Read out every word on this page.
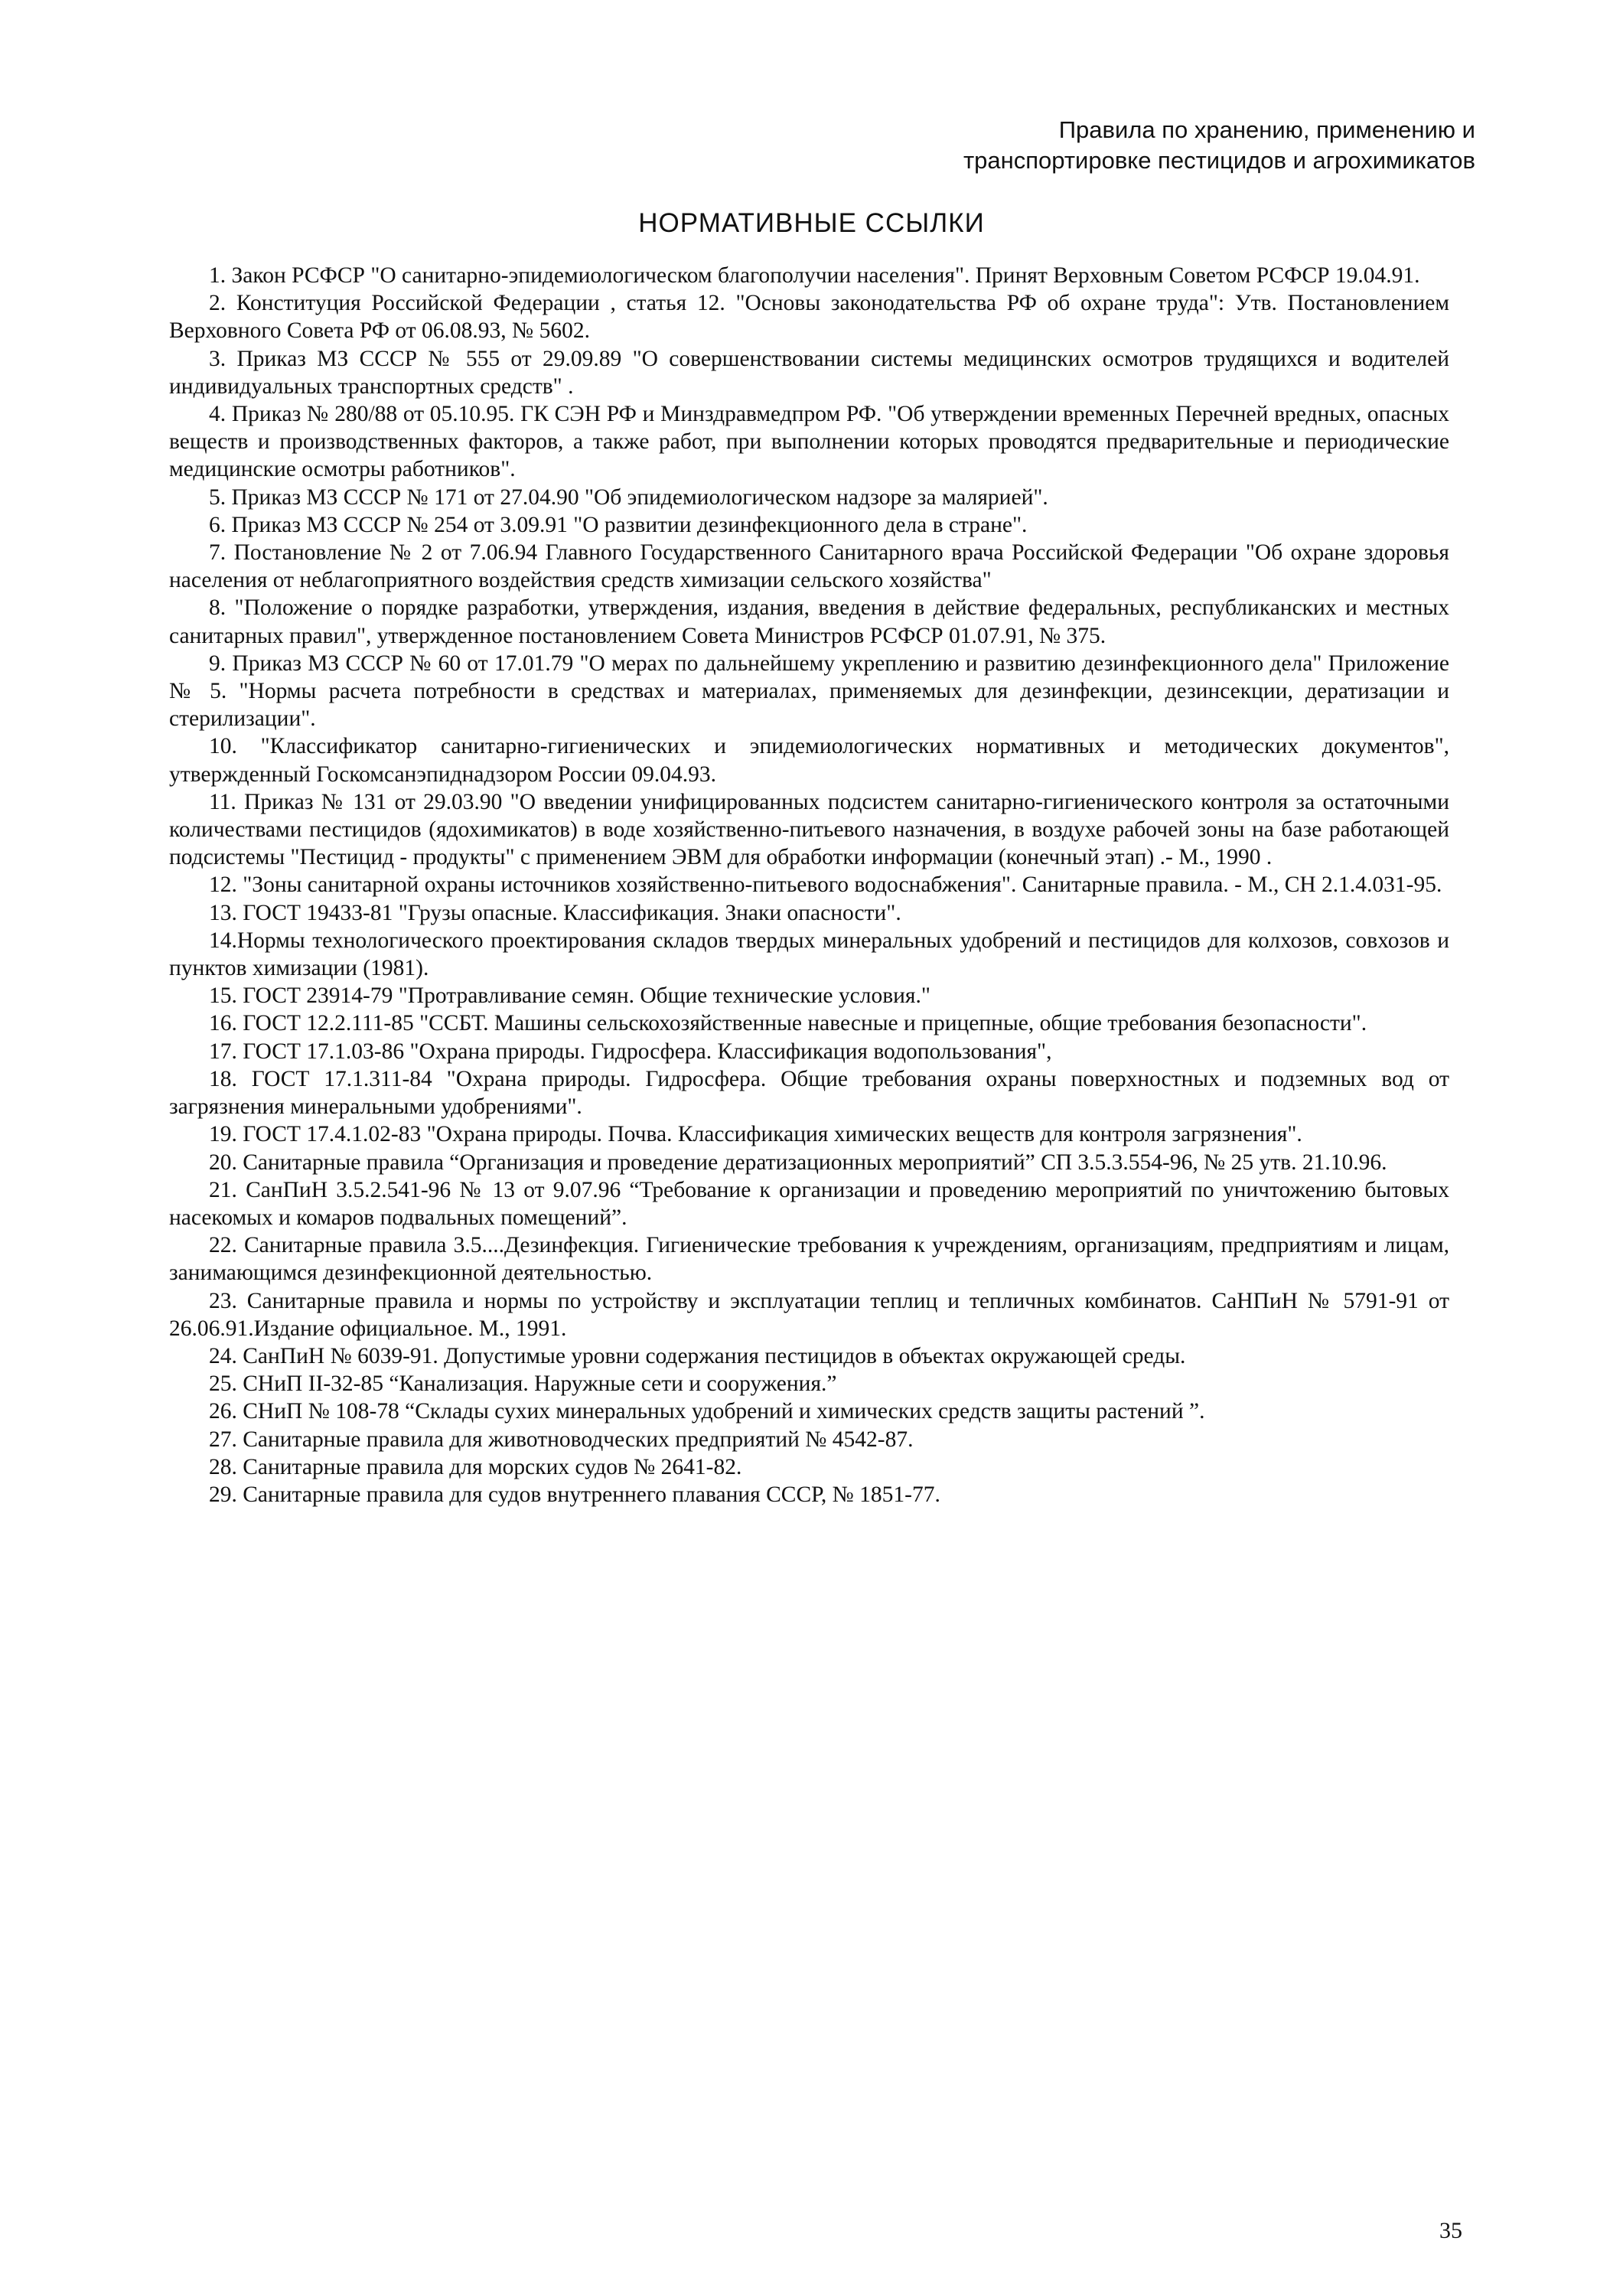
Правила по хранению, применению и
транспортировке пестицидов и агрохимикатов
НОРМАТИВНЫЕ ССЫЛКИ
1. Закон РСФСР "О санитарно-эпидемиологическом благополучии населения". Принят Верховным Советом РСФСР 19.04.91.
2. Конституция Российской Федерации , статья 12. "Основы законодательства РФ об охране труда": Утв. Постановлением Верховного Совета РФ от 06.08.93, № 5602.
3. Приказ МЗ СССР № 555 от 29.09.89 "О совершенствовании системы медицинских осмотров трудящихся и водителей индивидуальных транспортных средств" .
4. Приказ № 280/88 от 05.10.95. ГК СЭН РФ и Минздравмедпром РФ. "Об утверждении временных Перечней вредных, опасных веществ и производственных факторов, а также работ, при выполнении которых проводятся предварительные и периодические медицинские осмотры работников".
5. Приказ МЗ СССР № 171 от 27.04.90 "Об эпидемиологическом надзоре за малярией".
6. Приказ МЗ СССР № 254 от 3.09.91 "О развитии дезинфекционного дела в стране".
7. Постановление № 2 от 7.06.94 Главного Государственного Санитарного врача Российской Федерации "Об охране здоровья населения от неблагоприятного воздействия средств химизации сельского хозяйства"
8. "Положение о порядке разработки, утверждения, издания, введения в действие федеральных, республиканских и местных санитарных правил", утвержденное постановлением Совета Министров РСФСР 01.07.91, № 375.
9. Приказ МЗ СССР № 60 от 17.01.79 "О мерах по дальнейшему укреплению и развитию дезинфекционного дела" Приложение № 5. "Нормы расчета потребности в средствах и материалах, применяемых для дезинфекции, дезинсекции, дератизации и стерилизации".
10. "Классификатор санитарно-гигиенических и эпидемиологических нормативных и методических документов", утвержденный Госкомсанэпиднадзором России 09.04.93.
11. Приказ № 131 от 29.03.90 "О введении унифицированных подсистем санитарно-гигиенического контроля за остаточными количествами пестицидов (ядохимикатов) в воде хозяйственно-питьевого назначения, в воздухе рабочей зоны на базе работающей подсистемы "Пестицид - продукты" с применением ЭВМ для обработки информации (конечный этап) .- М., 1990 .
12. "Зоны санитарной охраны источников хозяйственно-питьевого водоснабжения". Санитарные правила. - М., СН 2.1.4.031-95.
13. ГОСТ 19433-81 "Грузы опасные. Классификация. Знаки опасности".
14.Нормы технологического проектирования складов твердых минеральных удобрений и пестицидов для колхозов, совхозов и пунктов химизации (1981).
15. ГОСТ 23914-79 "Протравливание семян. Общие технические условия."
16. ГОСТ 12.2.111-85 "ССБТ. Машины сельскохозяйственные навесные и прицепные, общие требования безопасности".
17. ГОСТ 17.1.03-86 "Охрана природы. Гидросфера. Классификация водопользования",
18. ГОСТ 17.1.311-84 "Охрана природы. Гидросфера. Общие требования охраны поверхностных и подземных вод от загрязнения минеральными удобрениями".
19. ГОСТ 17.4.1.02-83 "Охрана природы. Почва. Классификация химических веществ для контроля загрязнения".
20. Санитарные правила “Организация и проведение дератизационных мероприятий” СП 3.5.3.554-96, № 25 утв. 21.10.96.
21. СанПиН 3.5.2.541-96 № 13 от 9.07.96 “Требование к организации и проведению мероприятий по уничтожению бытовых насекомых и комаров подвальных помещений”.
22. Санитарные правила 3.5....Дезинфекция. Гигиенические требования к учреждениям, организациям, предприятиям и лицам, занимающимся дезинфекционной деятельностью.
23. Санитарные правила и нормы по устройству и эксплуатации теплиц и тепличных комбинатов. СаНПиН № 5791-91 от 26.06.91.Издание официальное. М., 1991.
24. СанПиН № 6039-91. Допустимые уровни содержания пестицидов в объектах окружающей среды.
25. СНиП II-32-85 “Канализация. Наружные сети и сооружения.”
26. СНиП № 108-78 “Склады сухих минеральных удобрений и химических средств защиты растений ”.
27. Санитарные правила для животноводческих предприятий № 4542-87.
28. Санитарные правила для морских судов № 2641-82.
29. Санитарные правила для судов внутреннего плавания СССР, № 1851-77.
35
